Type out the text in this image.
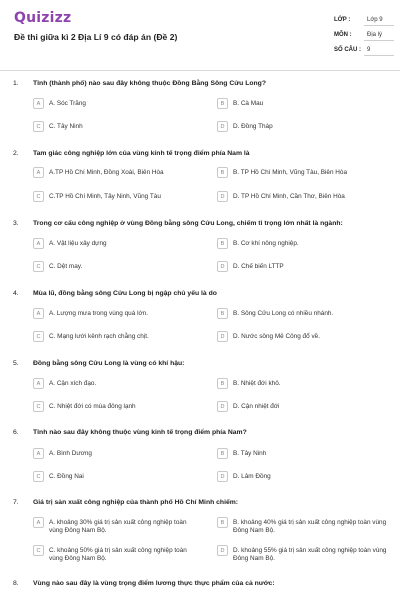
Quizizz
Đề thi giữa kì 2 Địa Lí 9 có đáp án (Đề 2)
LỚP :	Lớp 9
MÔN :	Địa lý
SỐ CÂU :	9
1. Tỉnh (thành phố) nào sau đây không thuộc Đồng Bằng Sông Cửu Long?
A	A. Sóc Trăng	B	B. Cà Mau
C	C. Tây Ninh	D	D. Đồng Tháp
2. Tam giác công nghiệp lớn của vùng kinh tế trọng điểm phía Nam là
A	A.TP Hồ Chí Minh, Đồng Xoài, Biên Hòa	B	B. TP Hồ Chí Minh, Vũng Tàu, Biên Hòa
C	C.TP Hồ Chí Minh, Tây Ninh, Vũng Tàu	D	D. TP Hồ Chí Minh, Cần Thơ, Biên Hòa
3. Trong cơ cấu công nghiệp ở vùng Đồng bằng sông Cửu Long, chiếm tỉ trọng lớn nhất là ngành:
A	A. Vật liệu xây dựng	B	B. Cơ khí nông nghiệp.
C	C. Dệt may.	D	D. Chế biến LTTP
4. Mùa lũ, đồng bằng sông Cửu Long bị ngập chủ yếu là do
A	A. Lượng mưa trong vùng quá lớn.	B	B. Sông Cửu Long có nhiều nhánh.
C	C. Mạng lưới kênh rạch chằng chịt.	D	D. Nước sông Mê Công đổ về.
5. Đồng bằng sông Cửu Long là vùng có khí hậu:
A	A. Cận xích đạo.	B	B. Nhiệt đới khô.
C	C. Nhiệt đới có mùa đông lạnh	D	D. Cận nhiệt đới
6. Tỉnh nào sau đây không thuộc vùng kinh tế trọng điểm phía Nam?
A	A. Bình Dương	B	B. Tây Ninh
C	C. Đồng Nai	D	D. Lâm Đồng
7. Giá trị sản xuất công nghiệp của thành phố Hồ Chí Minh chiếm:
A	A. khoảng 30% giá trị sản xuất công nghiệp toàn vùng Đông Nam Bộ.
B	B. khoảng 40% giá trị sản xuất công nghiệp toàn vùng Đông Nam Bộ.
C	C. khoảng 50% giá trị sản xuất công nghiệp toàn vùng Đông Nam Bộ.
D	D. khoảng 55% giá trị sản xuất công nghiệp toàn vùng Đông Nam Bộ.
8. Vùng nào sau đây là vùng trọng điểm lương thực thực phẩm của cả nước:
